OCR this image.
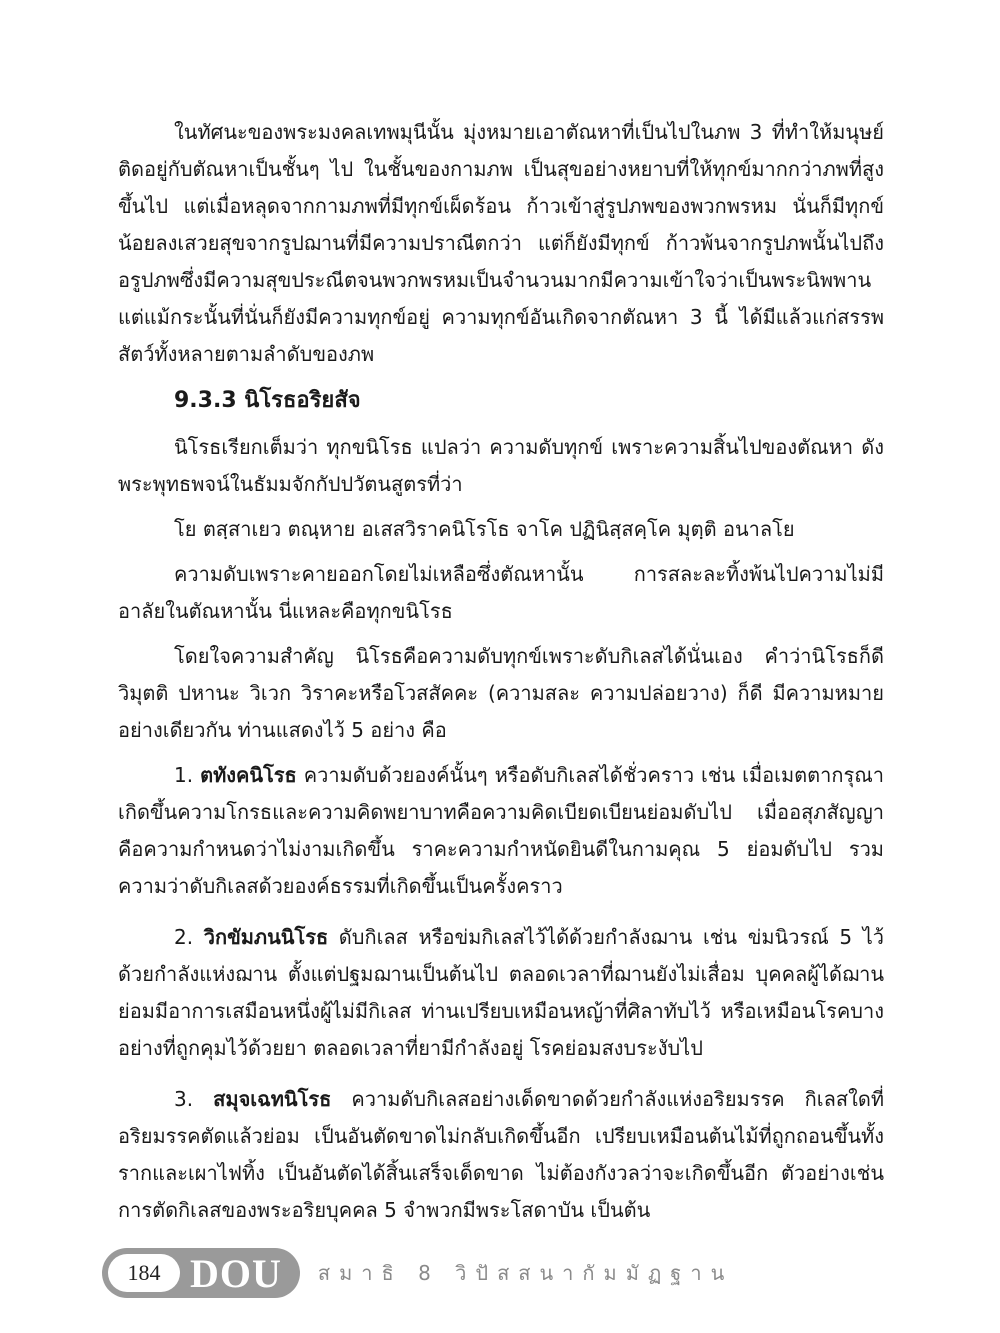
ในทัศนะของพระมงคลเทพมุนีนั้น มุ่งหมายเอาตัณหาที่เป็นไปในภพ 3 ที่ทำให้มนุษย์ติดอยู่กับตัณหาเป็นชั้นๆ ไป ในชั้นของกามภพ เป็นสุขอย่างหยาบที่ให้ทุกข์มากกว่าภพที่สูงขึ้นไป แต่เมื่อหลุดจากกามภพที่มีทุกข์เผ็ดร้อน ก้าวเข้าสู่รูปภพของพวกพรหม นั่นก็มีทุกข์น้อยลงเสวยสุขจากรูปฌานที่มีความปราณีตกว่า แต่ก็ยังมีทุกข์ ก้าวพ้นจากรูปภพนั้นไปถึงอรูปภพซึ่งมีความสุขประณีตจนพวกพรหมเป็นจำนวนมากมีความเข้าใจว่าเป็นพระนิพพานแต่แม้กระนั้นที่นั่นก็ยังมีความทุกข์อยู่ ความทุกข์อันเกิดจากตัณหา 3 นี้ ได้มีแล้วแก่สรรพสัตว์ทั้งหลายตามลำดับของภพ

9.3.3 นิโรธอริยสัจ

นิโรธเรียกเต็มว่า ทุกขนิโรธ แปลว่า ความดับทุกข์ เพราะความสิ้นไปของตัณหา ดังพระพุทธพจน์ในธัมมจักกัปปวัตนสูตรที่ว่า

โย ตสฺสาเยว ตณฺหาย อเสสวิราคนิโรโธ จาโค ปฏินิสฺสคฺโค มุตฺติ อนาลโย

ความดับเพราะคายออกโดยไม่เหลือซึ่งตัณหานั้น การสละละทิ้งพ้นไปความไม่มีอาลัยในตัณหานั้น นี่แหละคือทุกขนิโรธ

โดยใจความสำคัญ นิโรธคือความดับทุกข์เพราะดับกิเลสได้นั่นเอง คำว่านิโรธก็ดี วิมุตติ ปหานะ วิเวก วิราคะหรือโวสสัคคะ (ความสละ ความปล่อยวาง) ก็ดี มีความหมายอย่างเดียวกัน ท่านแสดงไว้ 5 อย่าง คือ

1. ตทังคนิโรธ ความดับด้วยองค์นั้นๆ หรือดับกิเลสได้ชั่วคราว เช่น เมื่อเมตตากรุณาเกิดขึ้นความโกรธและความคิดพยาบาทคือความคิดเบียดเบียนย่อมดับไป เมื่ออสุภสัญญาคือความกำหนดว่าไม่งามเกิดขึ้น ราคะความกำหนัดยินดีในกามคุณ 5 ย่อมดับไป รวมความว่าดับกิเลสด้วยองค์ธรรมที่เกิดขึ้นเป็นครั้งคราว

2. วิกขัมภนนิโรธ ดับกิเลส หรือข่มกิเลสไว้ได้ด้วยกำลังฌาน เช่น ข่มนิวรณ์ 5 ไว้ด้วยกำลังแห่งฌาน ตั้งแต่ปฐมฌานเป็นต้นไป ตลอดเวลาที่ฌานยังไม่เสื่อม บุคคลผู้ได้ฌานย่อมมีอาการเสมือนหนึ่งผู้ไม่มีกิเลส ท่านเปรียบเหมือนหญ้าที่ศิลาทับไว้ หรือเหมือนโรคบางอย่างที่ถูกคุมไว้ด้วยยา ตลอดเวลาที่ยามีกำลังอยู่ โรคย่อมสงบระงับไป

3. สมุจเฉทนิโรธ ความดับกิเลสอย่างเด็ดขาดด้วยกำลังแห่งอริยมรรค กิเลสใดที่อริยมรรคตัดแล้วย่อม เป็นอันตัดขาดไม่กลับเกิดขึ้นอีก เปรียบเหมือนต้นไม้ที่ถูกถอนขึ้นทั้งรากและเผาไฟทิ้ง เป็นอันตัดได้สิ้นเสร็จเด็ดขาด ไม่ต้องกังวลว่าจะเกิดขึ้นอีก ตัวอย่างเช่น การตัดกิเลสของพระอริยบุคคล 5 จำพวกมีพระโสดาบัน เป็นต้น

184 DOU สมาธิ 8 วิปัสสนากัมมัฏฐาน
